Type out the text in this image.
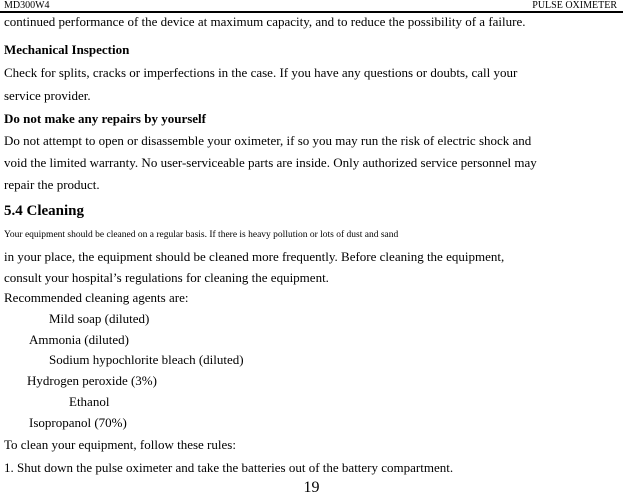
MD300W4	PULSE OXIMETER
continued performance of the device at maximum capacity, and to reduce the possibility of a failure.
Mechanical Inspection
Check for splits, cracks or imperfections in the case. If you have any questions or doubts, call your
service provider.
Do not make any repairs by yourself
Do not attempt to open or disassemble your oximeter, if so you may run the risk of electric shock and
void the limited warranty. No user-serviceable parts are inside. Only authorized service personnel may
repair the product.
5.4 Cleaning
Your equipment should be cleaned on a regular basis. If there is heavy pollution or lots of dust and sand
in your place, the equipment should be cleaned more frequently. Before cleaning the equipment,
consult your hospital’s regulations for cleaning the equipment.
Recommended cleaning agents are:
Mild soap (diluted)
Ammonia (diluted)
Sodium hypochlorite bleach (diluted)
Hydrogen peroxide (3%)
Ethanol
Isopropanol (70%)
To clean your equipment, follow these rules:
1. Shut down the pulse oximeter and take the batteries out of the battery compartment.
19
